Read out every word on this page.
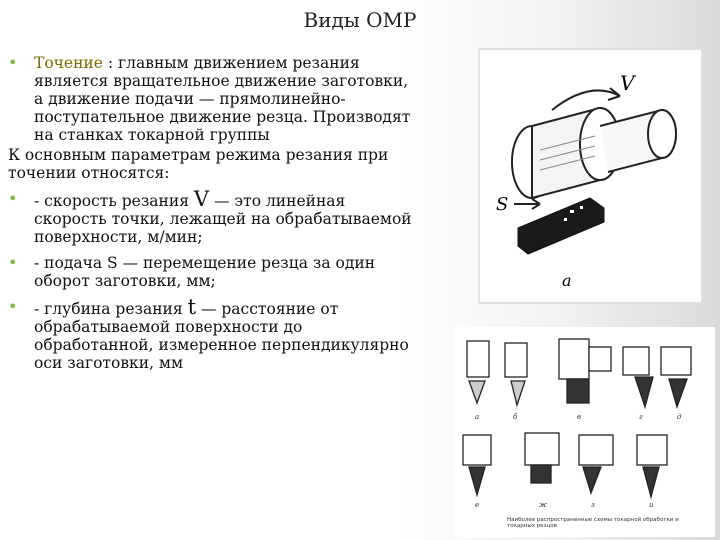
Виды ОМР

• Точение : главным движением резания является вращательное движение заготовки, а движение подачи — прямолинейно- поступательное движение резца. Производят на станках токарной группы

К основным параметрам режима резания при точении относятся:

• - скорость резания V — это линейная скорость точки, лежащей на обрабатываемой поверхности, м/мин;

• - подача S — перемещение резца за один оборот заготовки, мм;

• - глубина резания t — расстояние от обрабатываемой поверхности до обработанной, измеренное перпендикулярно оси заготовки, мм

V
S
a
а	б	в	г	д
е	ж	з	и
Наиболее распространенные схемы токарной обработки и токарных резцов
